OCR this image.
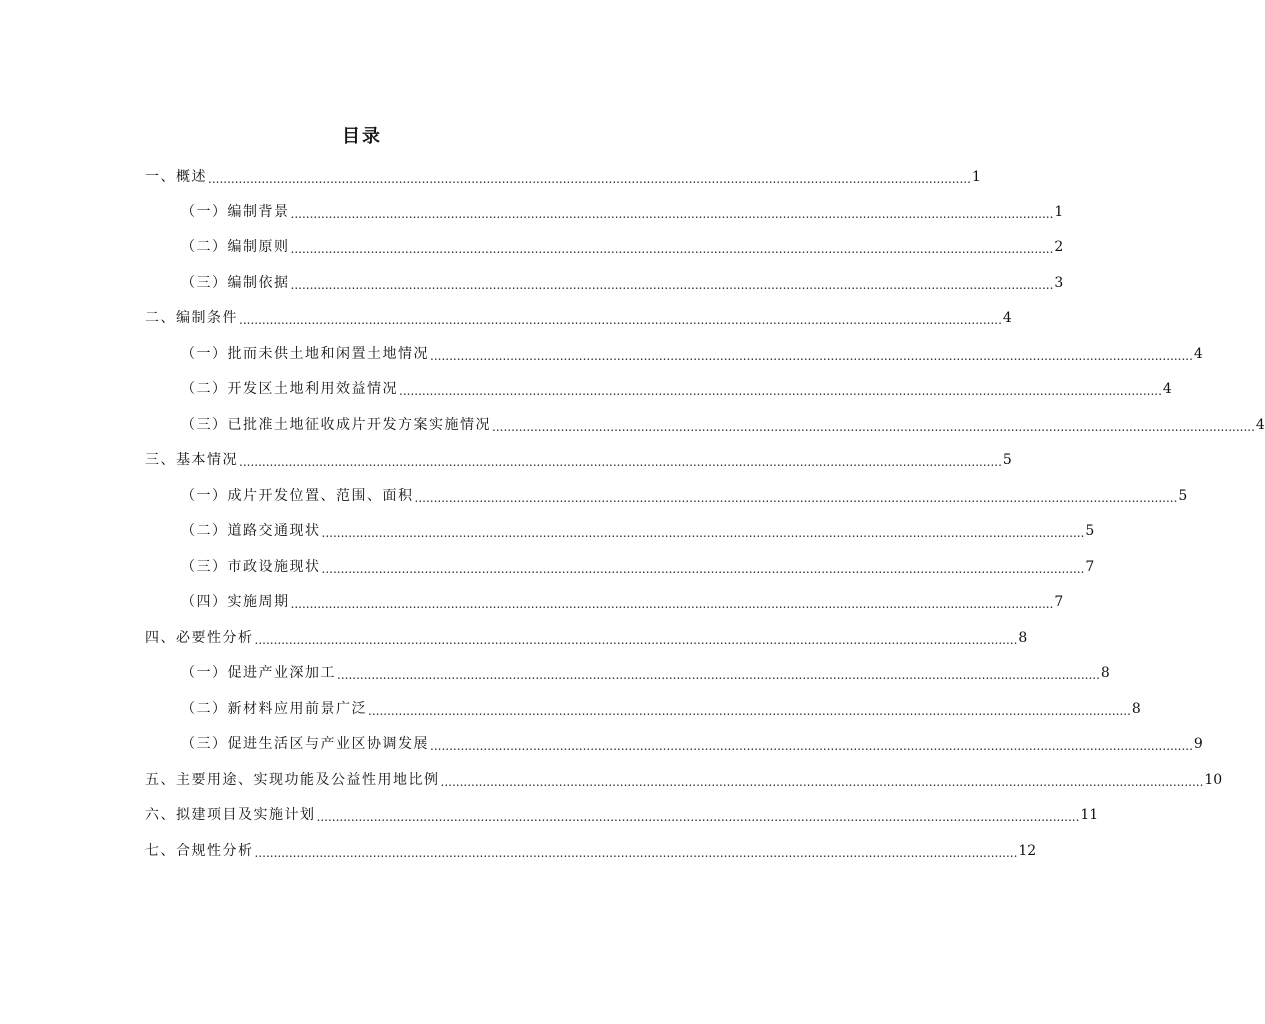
目录
一、概述 ........................................................................................................................................................................................................ 1
（一）编制背景 ........................................................................................................................................................................................................ 1
（二）编制原则 ........................................................................................................................................................................................................ 2
（三）编制依据 ........................................................................................................................................................................................................ 3
二、编制条件 ........................................................................................................................................................................................................ 4
（一）批而未供土地和闲置土地情况 ........................................................................................................................................................................................................ 4
（二）开发区土地利用效益情况 ........................................................................................................................................................................................................ 4
（三）已批准土地征收成片开发方案实施情况 ........................................................................................................................................................................................................ 4
三、基本情况 ........................................................................................................................................................................................................ 5
（一）成片开发位置、范围、面积 ........................................................................................................................................................................................................ 5
（二）道路交通现状 ........................................................................................................................................................................................................ 5
（三）市政设施现状 ........................................................................................................................................................................................................ 7
（四）实施周期 ........................................................................................................................................................................................................ 7
四、必要性分析 ........................................................................................................................................................................................................ 8
（一）促进产业深加工 ........................................................................................................................................................................................................ 8
（二）新材料应用前景广泛 ........................................................................................................................................................................................................ 8
（三）促进生活区与产业区协调发展 ........................................................................................................................................................................................................ 9
五、主要用途、实现功能及公益性用地比例 ........................................................................................................................................................................................................ 10
六、拟建项目及实施计划 ........................................................................................................................................................................................................ 11
七、合规性分析 ........................................................................................................................................................................................................ 12
